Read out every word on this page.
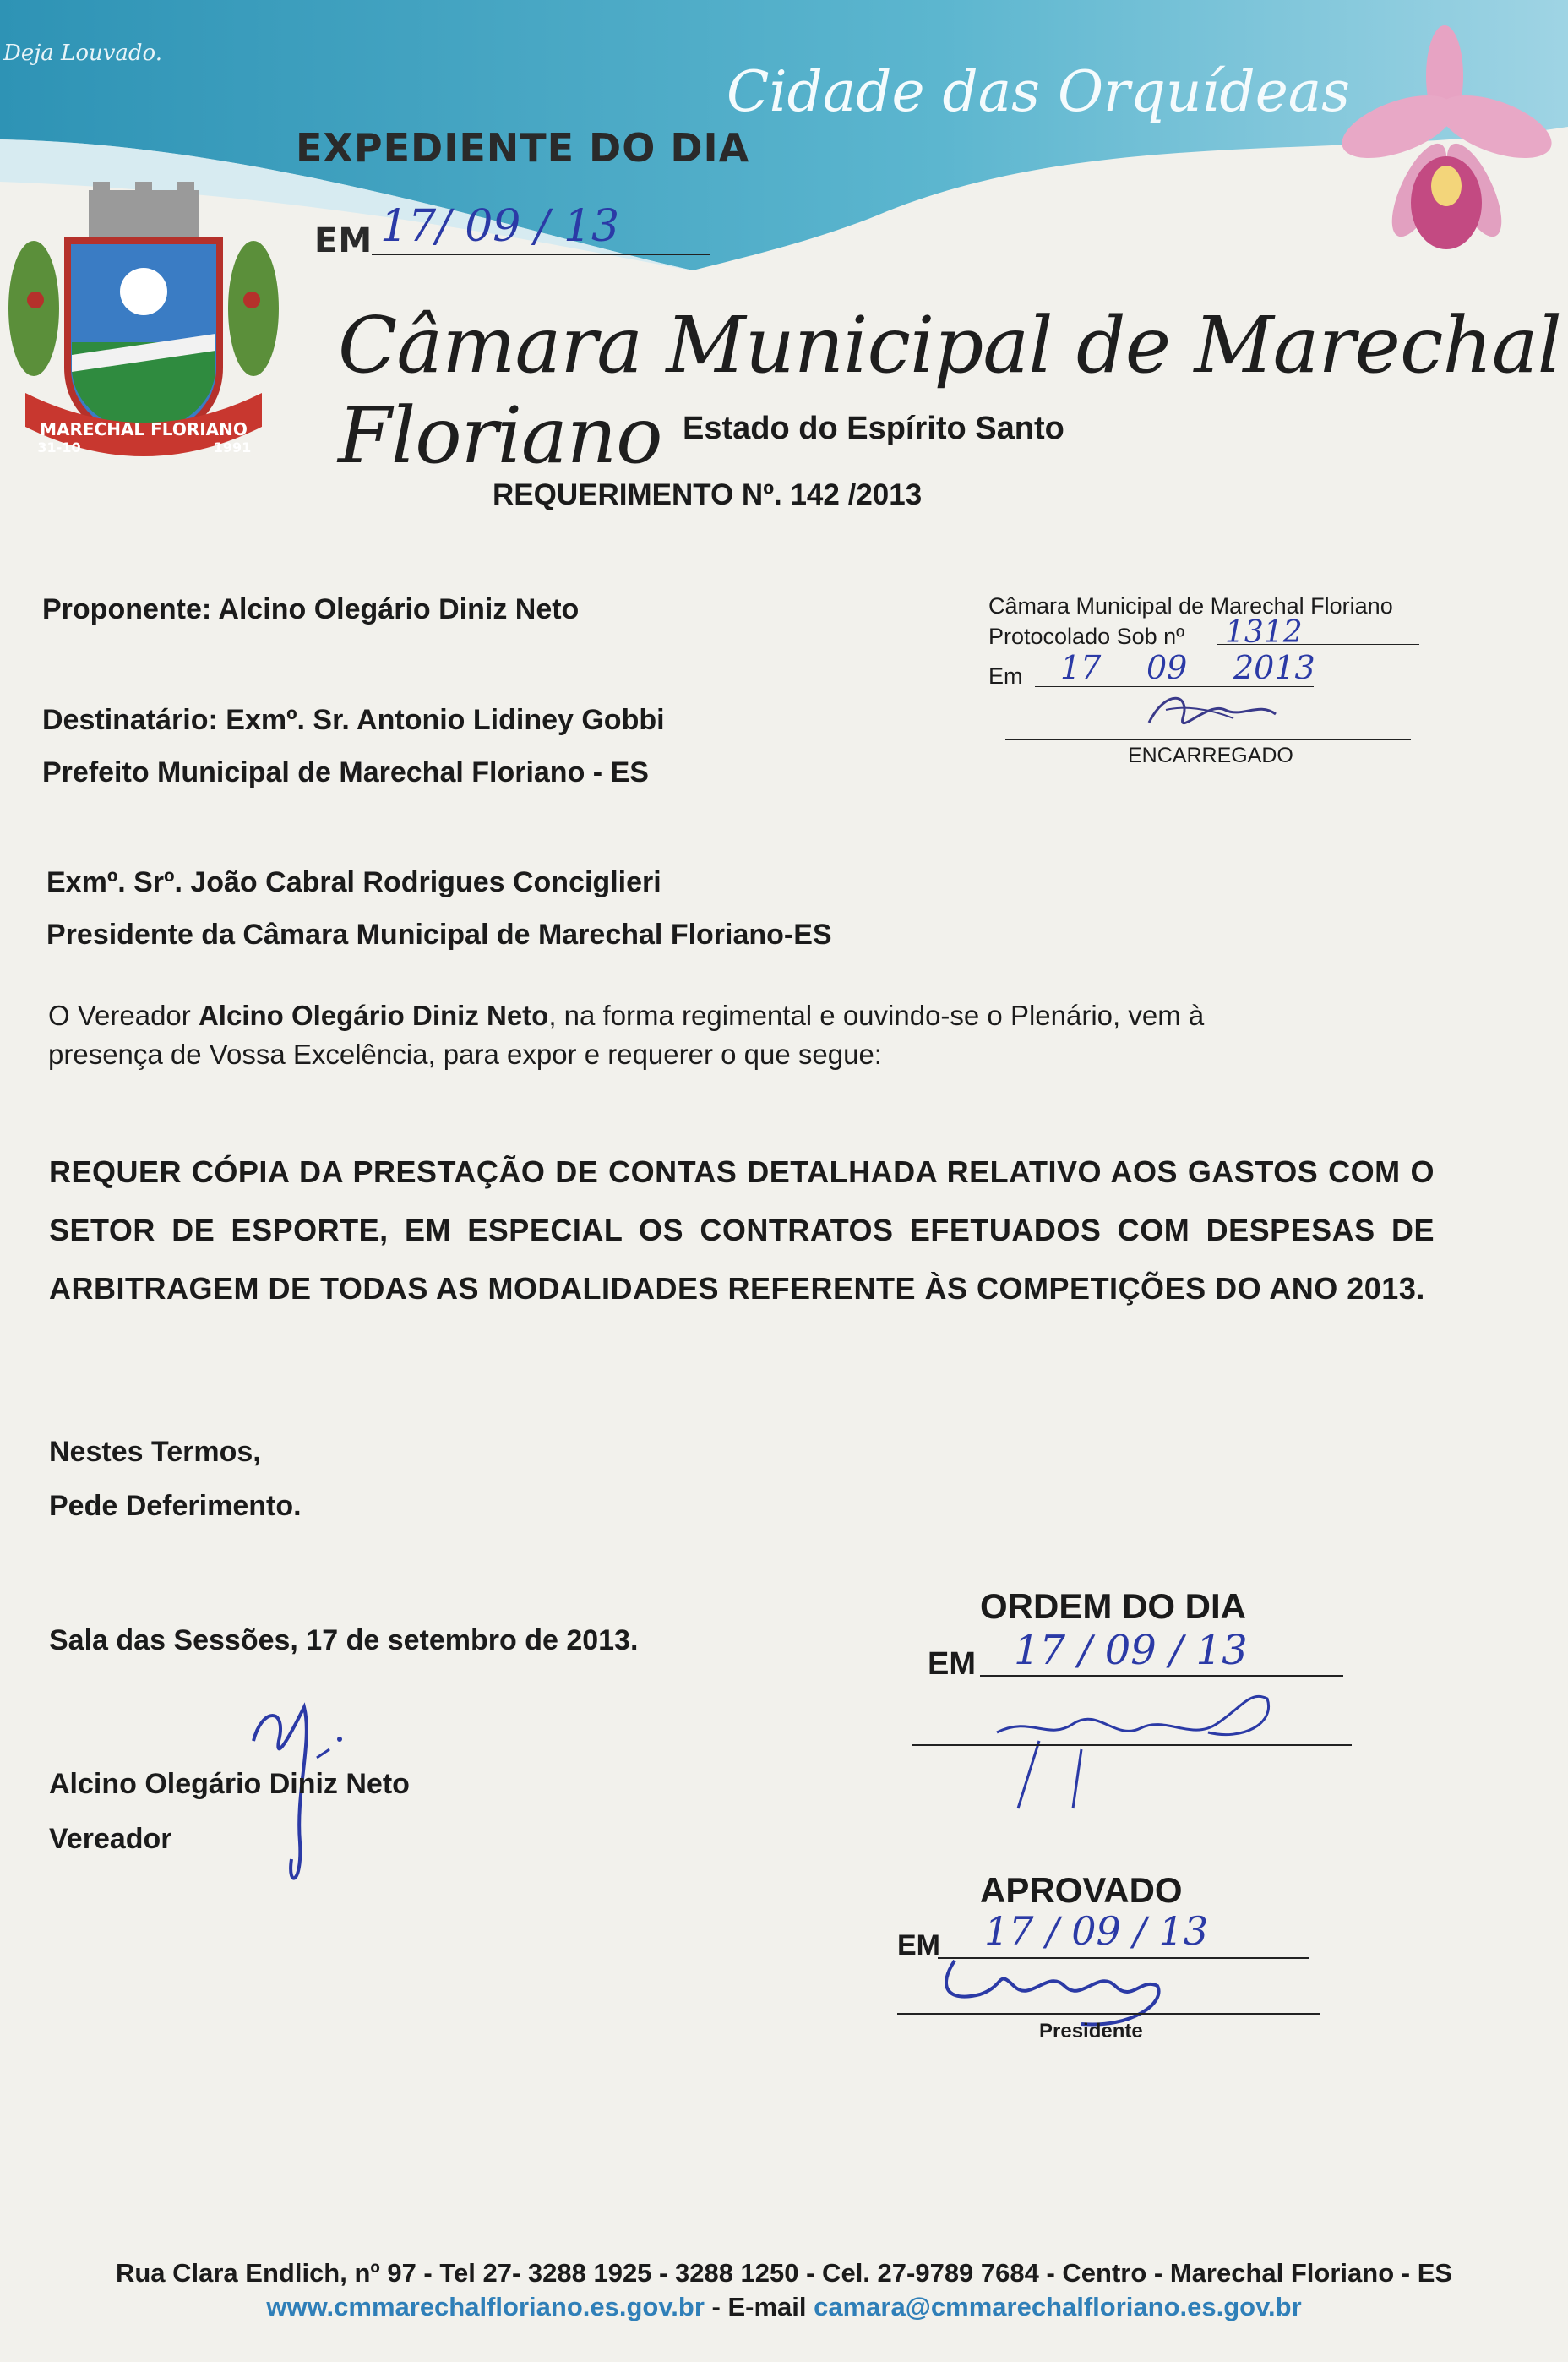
Deja Louvado.
Cidade das Orquídeas
MARECHAL FLORIANO
31-10	1991
EXPEDIENTE DO DIA
EM 17/ 09 / 13
Câmara Municipal de Marechal Floriano Estado do Espírito Santo
REQUERIMENTO Nº. 142 /2013
Proponente: Alcino Olegário Diniz Neto	Câmara Municipal de Marechal Floriano
Protocolado Sob nº 1312
Em 17 09 2013
ENCARREGADO
Destinatário: Exmº. Sr. Antonio Lidiney Gobbi
Prefeito Municipal de Marechal Floriano - ES
Exmº. Srº. João Cabral Rodrigues Conciglieri
Presidente da Câmara Municipal de Marechal Floriano-ES
O Vereador Alcino Olegário Diniz Neto, na forma regimental e ouvindo-se o Plenário, vem à
presença de Vossa Excelência, para expor e requerer o que segue:
REQUER CÓPIA DA PRESTAÇÃO DE CONTAS DETALHADA RELATIVO AOS GASTOS COM O SETOR DE ESPORTE, EM ESPECIAL OS CONTRATOS EFETUADOS COM DESPESAS DE ARBITRAGEM DE TODAS AS MODALIDADES REFERENTE ÀS COMPETIÇÕES DO ANO 2013.
Nestes Termos,
Pede Deferimento.
Sala das Sessões, 17 de setembro de 2013.
Alcino Olegário Diniz Neto
Vereador
ORDEM DO DIA
EM 17 / 09 / 13
APROVADO
EM 17 / 09 / 13
Presidente
Rua Clara Endlich, nº 97 - Tel 27- 3288 1925 - 3288 1250 - Cel. 27-9789 7684 - Centro - Marechal Floriano - ES
www.cmmarechalfloriano.es.gov.br - E-mail camara@cmmarechalfloriano.es.gov.br
